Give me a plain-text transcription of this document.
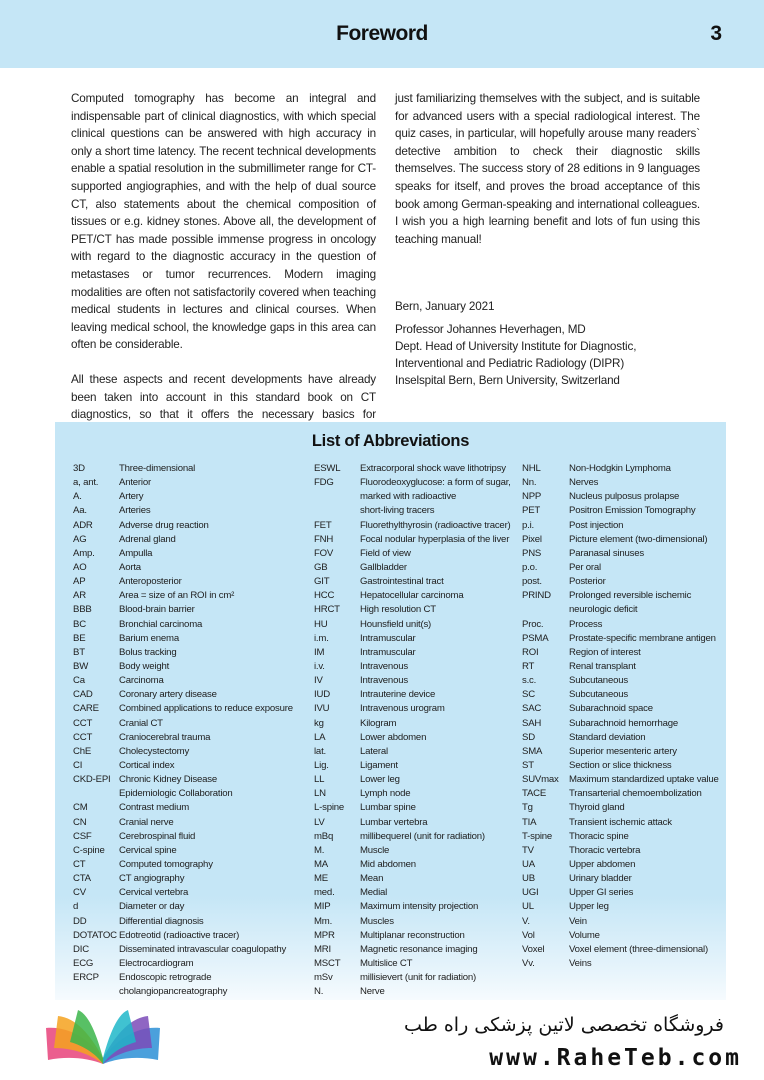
Foreword	3

Computed tomography has become an integral and indispensable part of clinical diagnostics, with which special clinical questions can be answered with high accuracy in only a short time latency. The recent technical developments enable a spatial resolution in the submillimeter range for CT-supported angiographies, and with the help of dual source CT, also statements about the chemical composition of tissues or e.g. kidney stones. Above all, the development of PET/CT has made possible immense progress in oncology with regard to the diagnostic accuracy in the question of metastases or tumor recurrences. Modern imaging modalities are often not satisfactorily covered when teaching medical students in lectures and clinical courses. When leaving medical school, the knowledge gaps in this area can often be considerable.

All these aspects and recent developments have already been taken into account in this standard book on CT diagnostics, so that it offers the necessary basics for

just familiarizing themselves with the subject, and is suitable for advanced users with a special radiological interest. The quiz cases, in particular, will hopefully arouse many readers` detective ambition to check their diagnostic skills themselves. The success story of 28 editions in 9 languages speaks for itself, and proves the broad acceptance of this book among German-speaking and international colleagues. I wish you a high learning benefit and lots of fun using this teaching manual!

Bern, January 2021
Professor Johannes Heverhagen, MD
Dept. Head of University Institute for Diagnostic,
Interventional and Pediatric Radiology (DIPR)
Inselspital Bern, Bern University, Switzerland
List of Abbreviations
3D	Three-dimensional
a, ant. Anterior
A.	Artery
Aa.	Arteries
ADR	Adverse drug reaction
AG	Adrenal gland
Amp.	Ampulla
AO	Aorta
AP	Anteroposterior
AR	Area = size of an ROI in cm²
BBB	Blood-brain barrier
BC	Bronchial carcinoma
BE	Barium enema
BT	Bolus tracking
BW	Body weight
Ca	Carcinoma
CAD	Coronary artery disease
CARE Combined applications to reduce exposure
CCT	Cranial CT
CCT	Craniocerebral trauma
ChE	Cholecystectomy
CI	Cortical index
CKD-EPI Chronic Kidney Disease
Epidemiologic Collaboration
CM	Contrast medium
CN	Cranial nerve
CSF	Cerebrospinal fluid
C-spine Cervical spine
CT	Computed tomography
CTA	CT angiography
CV	Cervical vertebra
d	Diameter or day
DD	Differential diagnosis
DOTATOC Edotreotid (radioactive tracer)
DIC	Disseminated intravascular coagulopathy
ECG	Electrocardiogram
ERCP Endoscopic retrograde
cholangiopancreatography
ESWL Extracorporal shock wave lithotripsy
FDG	Fluorodeoxyglucose: a form of sugar,
marked with radioactive
short-living tracers
FET	Fluorethylthyrosin (radioactive tracer)
FNH	Focal nodular hyperplasia of the liver
FOV	Field of view
GB	Gallbladder
GIT	Gastrointestinal tract
HCC	Hepatocellular carcinoma
HRCT High resolution CT
HU	Hounsfield unit(s)
i.m.	Intramuscular
IM	Intramuscular
i.v.	Intravenous
IV	Intravenous
IUD	Intrauterine device
IVU	Intravenous urogram
kg	Kilogram
LA	Lower abdomen
lat.	Lateral
Lig.	Ligament
LL	Lower leg
LN	Lymph node
L-spine Lumbar spine
LV	Lumbar vertebra
mBq	millibequerel (unit for radiation)
M.	Muscle
MA	Mid abdomen
ME	Mean
med.	Medial
MIP	Maximum intensity projection
Mm.	Muscles
MPR	Multiplanar reconstruction
MRI	Magnetic resonance imaging
MSCT Multislice CT
mSv	millisievert (unit for radiation)
N.	Nerve
NHL	Non-Hodgkin Lymphoma
Nn.	Nerves
NPP	Nucleus pulposus prolapse
PET	Positron Emission Tomography
p.i.	Post injection
Pixel	Picture element (two-dimensional)
PNS	Paranasal sinuses
p.o.	Per oral
post.	Posterior
PRIND Prolonged reversible ischemic
neurologic deficit
Proc.	Process
PSMA Prostate-specific membrane antigen
ROI	Region of interest
RT	Renal transplant
s.c.	Subcutaneous
SC	Subcutaneous
SAC	Subarachnoid space
SAH	Subarachnoid hemorrhage
SD	Standard deviation
SMA	Superior mesenteric artery
ST	Section or slice thickness
SUVmax Maximum standardized uptake value
TACE Transarterial chemoembolization
Tg	Thyroid gland
TIA	Transient ischemic attack
T-spine Thoracic spine
TV	Thoracic vertebra
UA	Upper abdomen
UB	Urinary bladder
UGI	Upper GI series
UL	Upper leg
V.	Vein
Vol	Volume
Voxel	Voxel element (three-dimensional)
Vv.	Veins
فروشگاه تخصصی لاتین پزشکی راه طب
www.RaheTeb.com
